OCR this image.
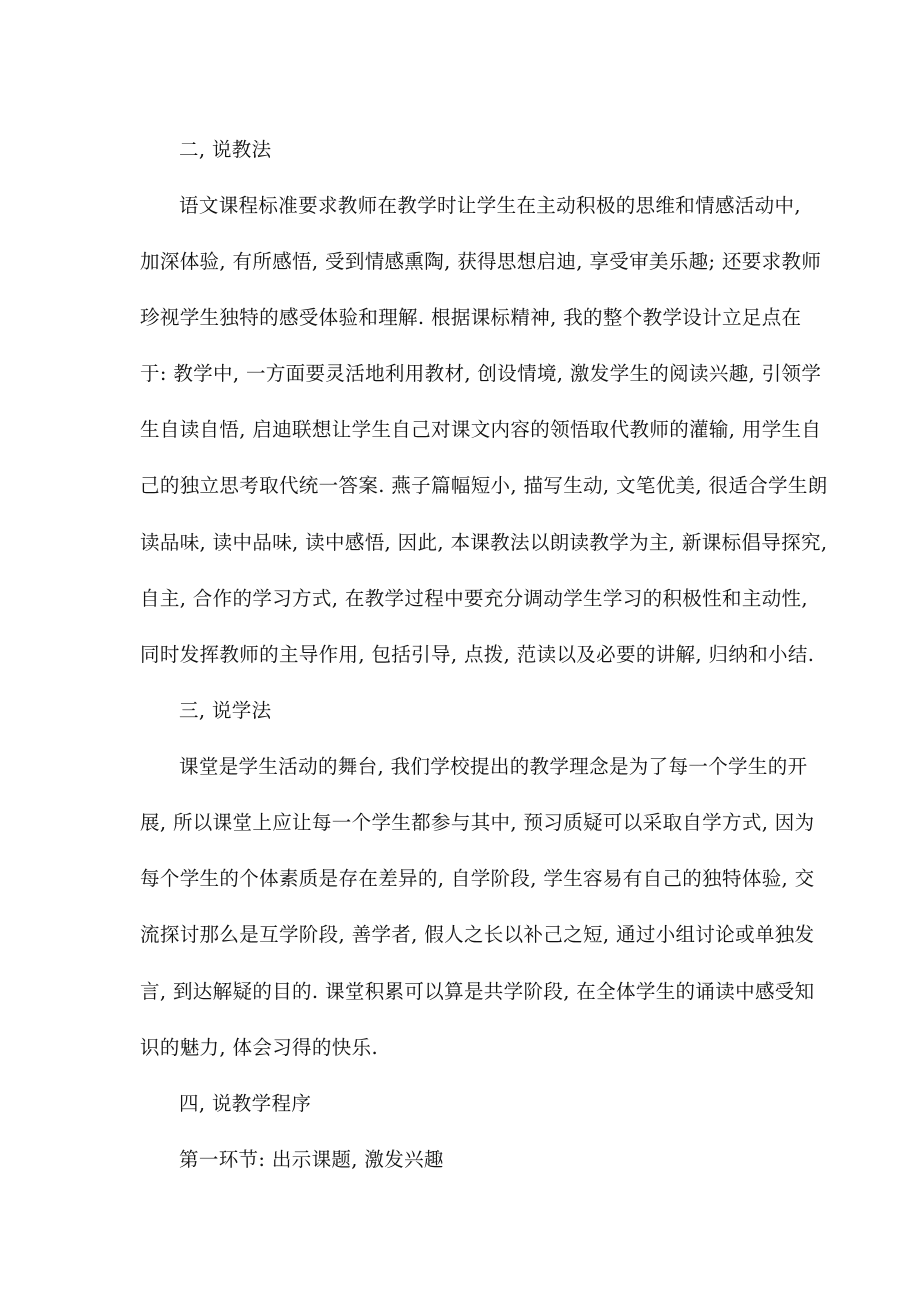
二, 说教法
语文课程标准要求教师在教学时让学生在主动积极的思维和情感活动中,
加深体验, 有所感悟, 受到情感熏陶, 获得思想启迪, 享受审美乐趣; 还要求教师
珍视学生独特的感受体验和理解. 根据课标精神, 我的整个教学设计立足点在
于: 教学中, 一方面要灵活地利用教材, 创设情境, 激发学生的阅读兴趣, 引领学
生自读自悟, 启迪联想让学生自己对课文内容的领悟取代教师的灌输, 用学生自
己的独立思考取代统一答案. 燕子篇幅短小, 描写生动, 文笔优美, 很适合学生朗
读品味, 读中品味, 读中感悟, 因此, 本课教法以朗读教学为主, 新课标倡导探究,
自主, 合作的学习方式, 在教学过程中要充分调动学生学习的积极性和主动性,
同时发挥教师的主导作用, 包括引导, 点拨, 范读以及必要的讲解, 归纳和小结.
三, 说学法
课堂是学生活动的舞台, 我们学校提出的教学理念是为了每一个学生的开
展, 所以课堂上应让每一个学生都参与其中, 预习质疑可以采取自学方式, 因为
每个学生的个体素质是存在差异的, 自学阶段, 学生容易有自己的独特体验, 交
流探讨那么是互学阶段, 善学者, 假人之长以补己之短, 通过小组讨论或单独发
言, 到达解疑的目的. 课堂积累可以算是共学阶段, 在全体学生的诵读中感受知
识的魅力, 体会习得的快乐.
四, 说教学程序
第一环节: 出示课题, 激发兴趣
